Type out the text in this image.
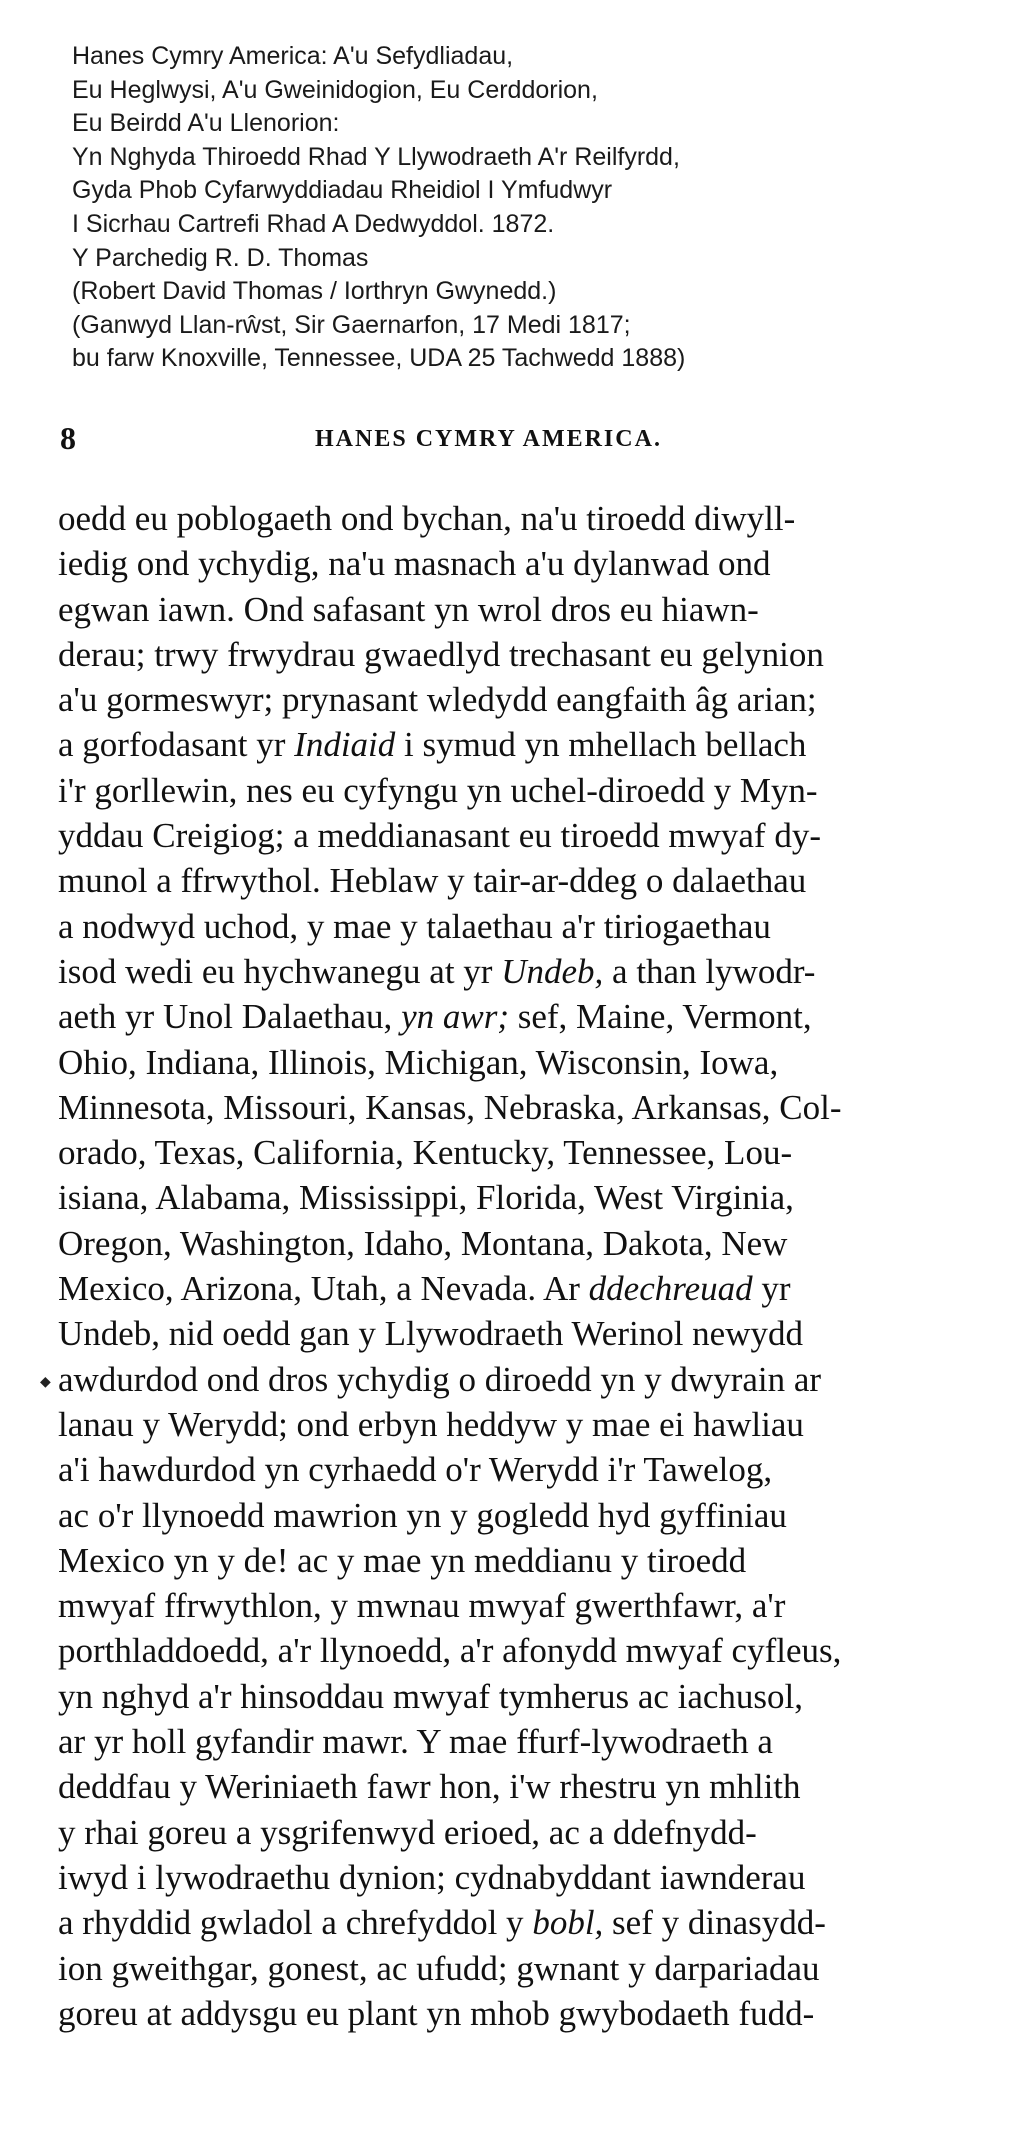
Hanes Cymry America: A'u Sefydliadau,
Eu Heglwysi, A'u Gweinidogion, Eu Cerddorion,
Eu Beirdd A'u Llenorion:
Yn Nghyda Thiroedd Rhad Y Llywodraeth A'r Reilfyrdd,
Gyda Phob Cyfarwyddiadau Rheidiol I Ymfudwyr
I Sicrhau Cartrefi Rhad A Dedwyddol. 1872.
Y Parchedig R. D. Thomas
(Robert David Thomas / Iorthryn Gwynedd.)
(Ganwyd Llan-rŵst, Sir Gaernarfon, 17 Medi 1817;
bu farw Knoxville, Tennessee, UDA 25 Tachwedd 1888)
8	HANES CYMRY AMERICA.
oedd eu poblogaeth ond bychan, na'u tiroedd diwyll-
iedig ond ychydig, na'u masnach a'u dylanwad ond
egwan iawn. Ond safasant yn wrol dros eu hiawn-
derau; trwy frwydrau gwaedlyd trechasant eu gelynion
a'u gormeswyr; prynasant wledydd eangfaith âg arian;
a gorfodasant yr Indiaid i symud yn mhellach bellach
i'r gorllewin, nes eu cyfyngu yn uchel-diroedd y Myn-
yddau Creigiog; a meddianasant eu tiroedd mwyaf dy-
munol a ffrwythol. Heblaw y tair-ar-ddeg o dalaethau
a nodwyd uchod, y mae y talaethau a'r tiriogaethau
isod wedi eu hychwanegu at yr Undeb, a than lywodr-
aeth yr Unol Dalaethau, yn awr; sef, Maine, Vermont,
Ohio, Indiana, Illinois, Michigan, Wisconsin, Iowa,
Minnesota, Missouri, Kansas, Nebraska, Arkansas, Col-
orado, Texas, California, Kentucky, Tennessee, Lou-
isiana, Alabama, Mississippi, Florida, West Virginia,
Oregon, Washington, Idaho, Montana, Dakota, New
Mexico, Arizona, Utah, a Nevada. Ar ddechreuad yr
Undeb, nid oedd gan y Llywodraeth Werinol newydd
awdurdod ond dros ychydig o diroedd yn y dwyrain ar
lanau y Werydd; ond erbyn heddyw y mae ei hawliau
a'i hawdurdod yn cyrhaedd o'r Werydd i'r Tawelog,
ac o'r llynoedd mawrion yn y gogledd hyd gyffiniau
Mexico yn y de! ac y mae yn meddianu y tiroedd
mwyaf ffrwythlon, y mwnau mwyaf gwerthfawr, a'r
porthladdoedd, a'r llynoedd, a'r afonydd mwyaf cyfleus,
yn nghyd a'r hinsoddau mwyaf tymherus ac iachusol,
ar yr holl gyfandir mawr. Y mae ffurf-lywodraeth a
deddfau y Weriniaeth fawr hon, i'w rhestru yn mhlith
y rhai goreu a ysgrifenwyd erioed, ac a ddefnydd-
iwyd i lywodraethu dynion; cydnabyddant iawnderau
a rhyddid gwladol a chrefyddol y bobl, sef y dinasydd-
ion gweithgar, gonest, ac ufudd; gwnant y darpariadau
goreu at addysgu eu plant yn mhob gwybodaeth fudd-
◆
